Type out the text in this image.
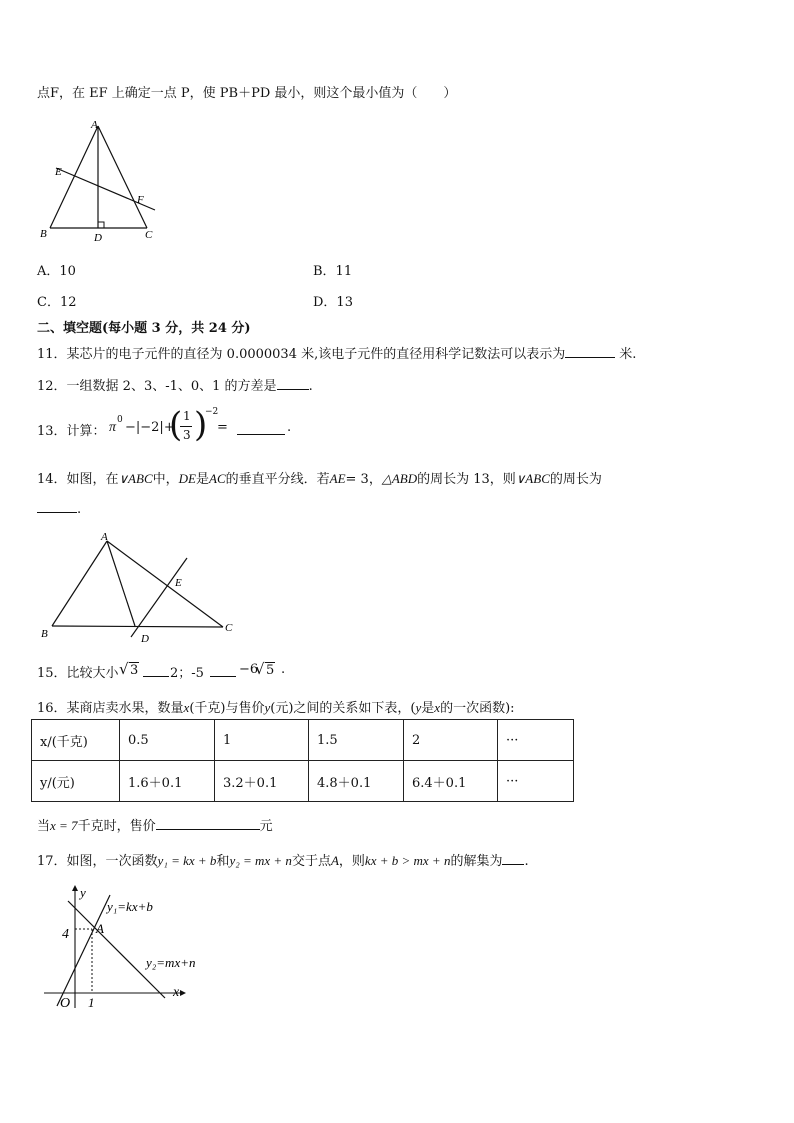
点F，在 EF 上确定一点 P，使 PB＋PD 最小，则这个最小值为（　　）
A
B	C
D
E
F
A．10	B．11
C．12	D．13
二、填空题(每小题 3 分，共 24 分)
11．某芯片的电子元件的直径为 0.0000034 米,该电子元件的直径用科学记数法可以表示为	米.
12．一组数据 2、3、-1、0、1 的方差是 .
13．计算： π 0 −|−2|+
( 1
3 )
−2
=	.
14．如图，在∨ABC中，DE是AC的垂直平分线．若AE= 3，△ABD的周长为 13，则∨ABC的周长为
.
A
B	C
D
E
15．比较大小 √ 3 2；-5	−6
√ 5 .
16．某商店卖水果，数量x(千克)与售价y(元)之间的关系如下表，(y是x的一次函数):
x/(千克)	0.5	1	1.5	2	···
y/(元)	1.6＋0.1	3.2＋0.1	4.8＋0.1	6.4＋0.1	···
当x = 7千克时，售价	元
17．如图，一次函数y₁ = kx + b和y₂ = mx + n交于点A，则kx + b > mx + n的解集为 .
y
x
O
4
1
A
y₁=kx+b
y₂=mx+n
